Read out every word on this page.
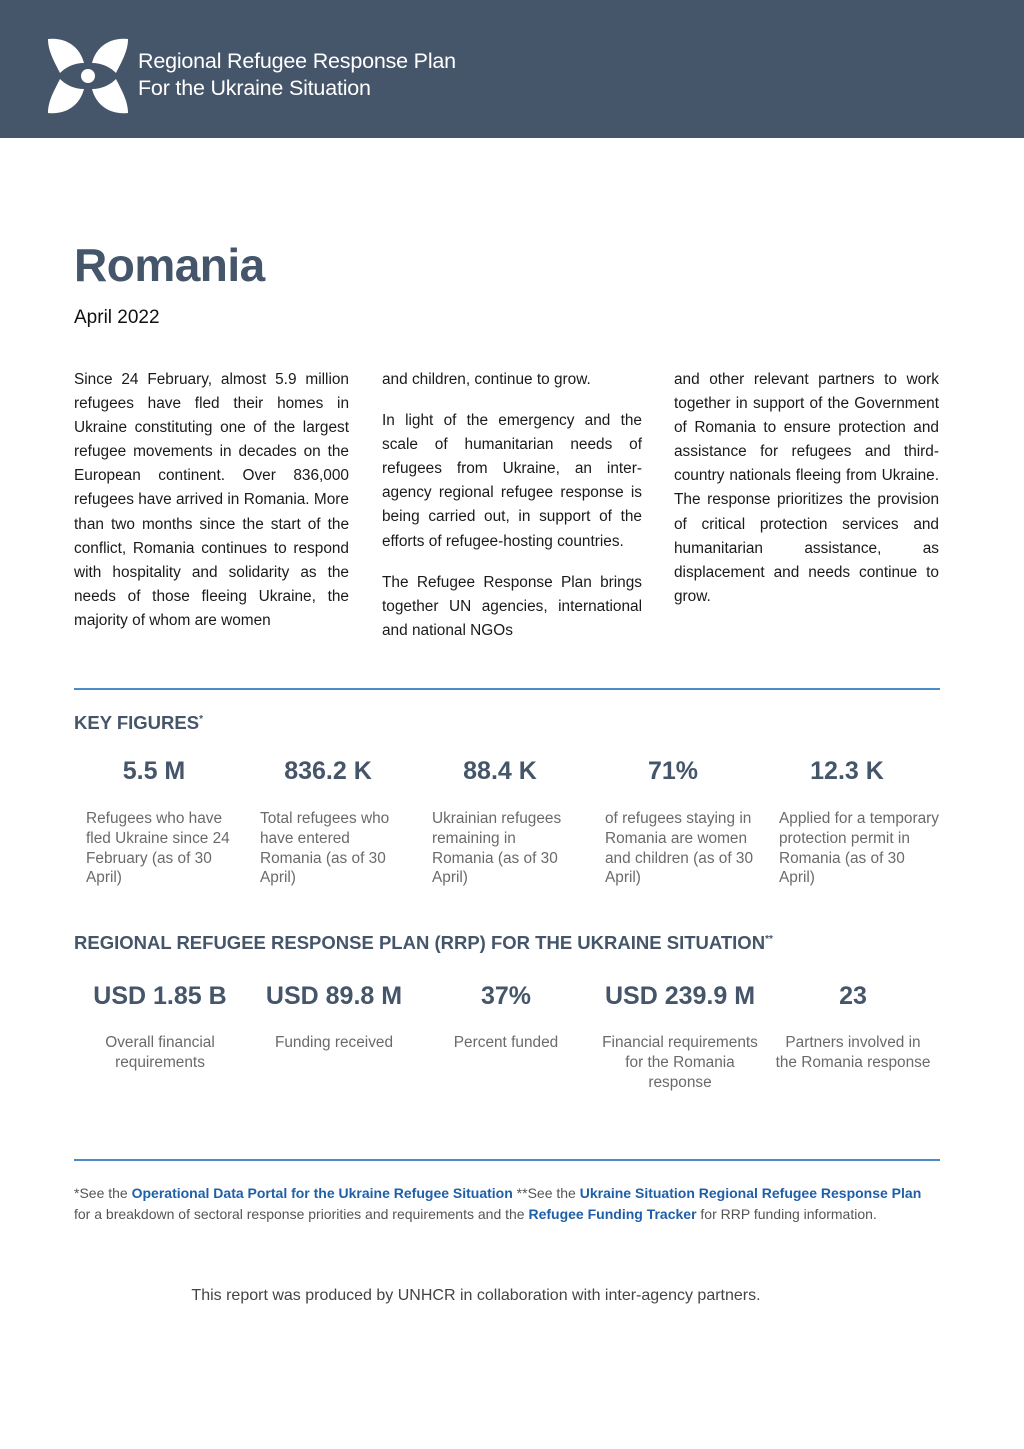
Regional Refugee Response Plan
For the Ukraine Situation
Romania
April 2022

Since 24 February, almost 5.9 million refugees have fled their homes in Ukraine constituting one of the largest refugee movements in decades on the European continent. Over 836,000 refugees have arrived in Romania. More than two months since the start of the conflict, Romania continues to respond with hospitality and solidarity as the needs of those fleeing Ukraine, the majority of whom are women

and children, continue to grow.

In light of the emergency and the scale of humanitarian needs of refugees from Ukraine, an inter-agency regional refugee response is being carried out, in support of the efforts of refugee-hosting countries.

The Refugee Response Plan brings together UN agencies, international and national NGOs

and other relevant partners to work together in support of the Government of Romania to ensure protection and assistance for refugees and third-country nationals fleeing from Ukraine. The response prioritizes the provision of critical protection services and humanitarian assistance, as displacement and needs continue to grow.

KEY FIGURES*
5.5 M
Refugees who have fled Ukraine since 24 February (as of 30 April)
836.2 K
Total refugees who have entered Romania (as of 30 April)
88.4 K
Ukrainian refugees remaining in Romania (as of 30 April)
71%
of refugees staying in Romania are women and children (as of 30 April)
12.3 K
Applied for a temporary protection permit in Romania (as of 30 April)
REGIONAL REFUGEE RESPONSE PLAN (RRP) FOR THE UKRAINE SITUATION**
USD 1.85 B
Overall financial requirements
USD 89.8 M
Funding received
37%
Percent funded
USD 239.9 M
Financial requirements for the Romania response
23
Partners involved in the Romania response
*See the Operational Data Portal for the Ukraine Refugee Situation **See the Ukraine Situation Regional Refugee Response Plan for a breakdown of sectoral response priorities and requirements and the Refugee Funding Tracker for RRP funding information.
This report was produced by UNHCR in collaboration with inter-agency partners.
